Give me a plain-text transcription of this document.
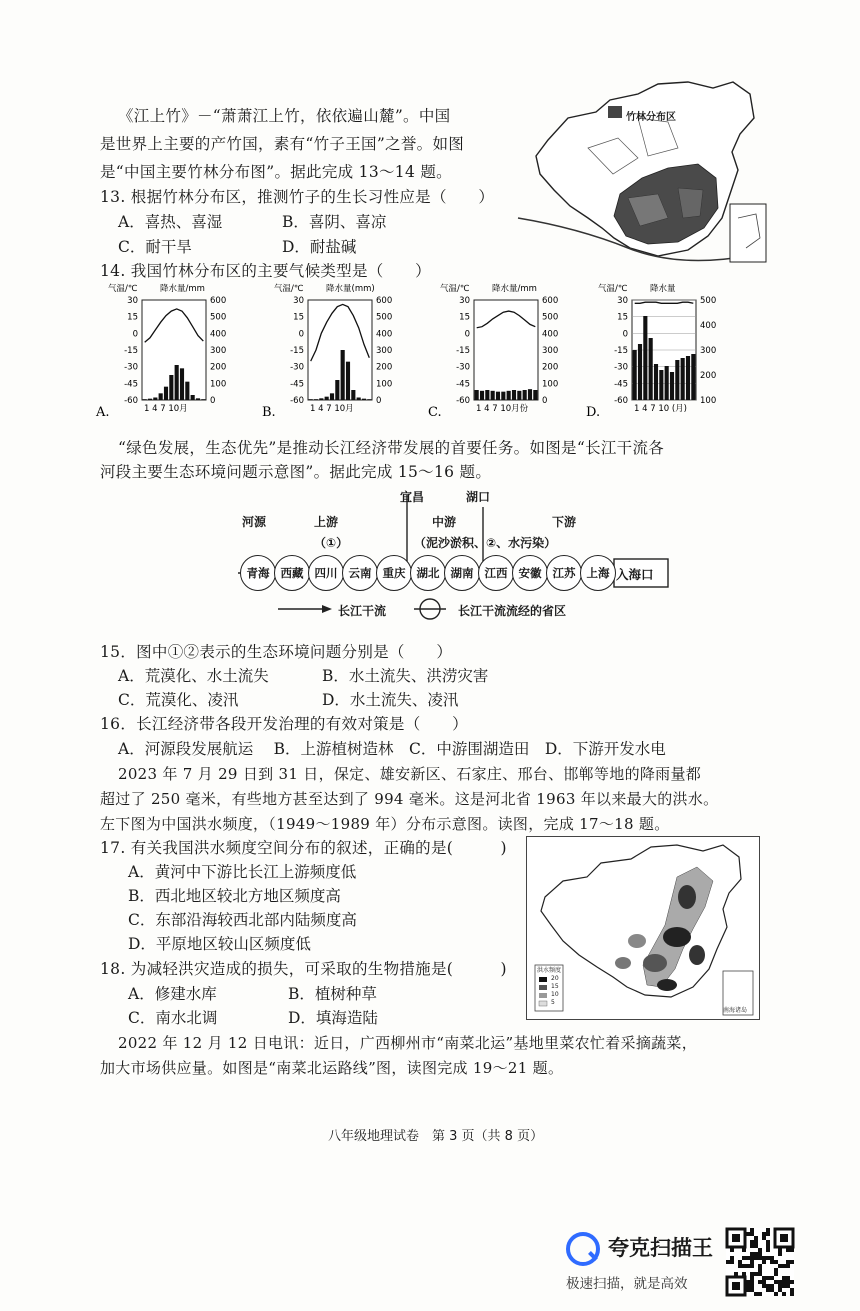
《江上竹》－“萧萧江上竹，依依遍山麓”。中国
是世界上主要的产竹国，素有“竹子王国”之誉。如图
是“中国主要竹林分布图”。据此完成 13～14 题。
竹林分布区
13. 根据竹林分布区，推测竹子的生长习性应是（　　）
A．喜热、喜湿	B．喜阴、喜凉
C．耐干旱	D．耐盐碱
14. 我国竹林分布区的主要气候类型是（　　）
气温/℃	降水量/mm
30
15
0
-15
-30
-45
-60
600
500
400
300
200
100
0
1 4 7 10月
A.
气温/℃	降水量(mm)
30
15
0
-15
-30
-45
-60
600
500
400
300
200
100
0
1 4 7 10月
B.
气温/℃	降水量/mm
30
15
0
-15
-30
-45
-60
600
500
400
300
200
100
0
1 4 7 10月份
C.
气温/℃	降水量
30
15
0
-15
-30
-45
-60
500
400
300
200
100
1 4 7 10 (月)
D.
“绿色发展，生态优先”是推动长江经济带发展的首要任务。如图是“长江干流各
河段主要生态环境问题示意图”。据此完成 15～16 题。
宜昌	湖口
河源	上游
（①）
中游
（泥沙淤积、②、水污染）
下游
青海 西藏 四川 云南 重庆 湖北 湖南 江西 安徽 江苏 上海 入海口
长江干流	长江干流流经的省区
15．图中①②表示的生态环境问题分别是（　　）
A．荒漠化、水土流失	B．水土流失、洪涝灾害
C．荒漠化、凌汛	D．水土流失、凌汛
16．长江经济带各段开发治理的有效对策是（　　）
A．河源段发展航运　 B．上游植树造林　C．中游围湖造田　D．下游开发水电
2023 年 7 月 29 日到 31 日，保定、雄安新区、石家庄、邢台、邯郸等地的降雨量都
超过了 250 毫米，有些地方甚至达到了 994 毫米。这是河北省 1963 年以来最大的洪水。
左下图为中国洪水频度，（1949～1989 年）分布示意图。读图，完成 17～18 题。
洪水频度
20
15
10
5
南海诸岛
17. 有关我国洪水频度空间分布的叙述，正确的是(　　　)
A．黄河中下游比长江上游频度低
B．西北地区较北方地区频度高
C．东部沿海较西北部内陆频度高
D．平原地区较山区频度低
18. 为减轻洪灾造成的损失，可采取的生物措施是(　　　)
A．修建水库	B．植树种草
C．南水北调	D．填海造陆
2022 年 12 月 12 日电讯：近日，广西柳州市“南菜北运”基地里菜农忙着采摘蔬菜，
加大市场供应量。如图是“南菜北运路线”图，读图完成 19～21 题。
八年级地理试卷　第 3 页（共 8 页）
夸克扫描王
极速扫描，就是高效
